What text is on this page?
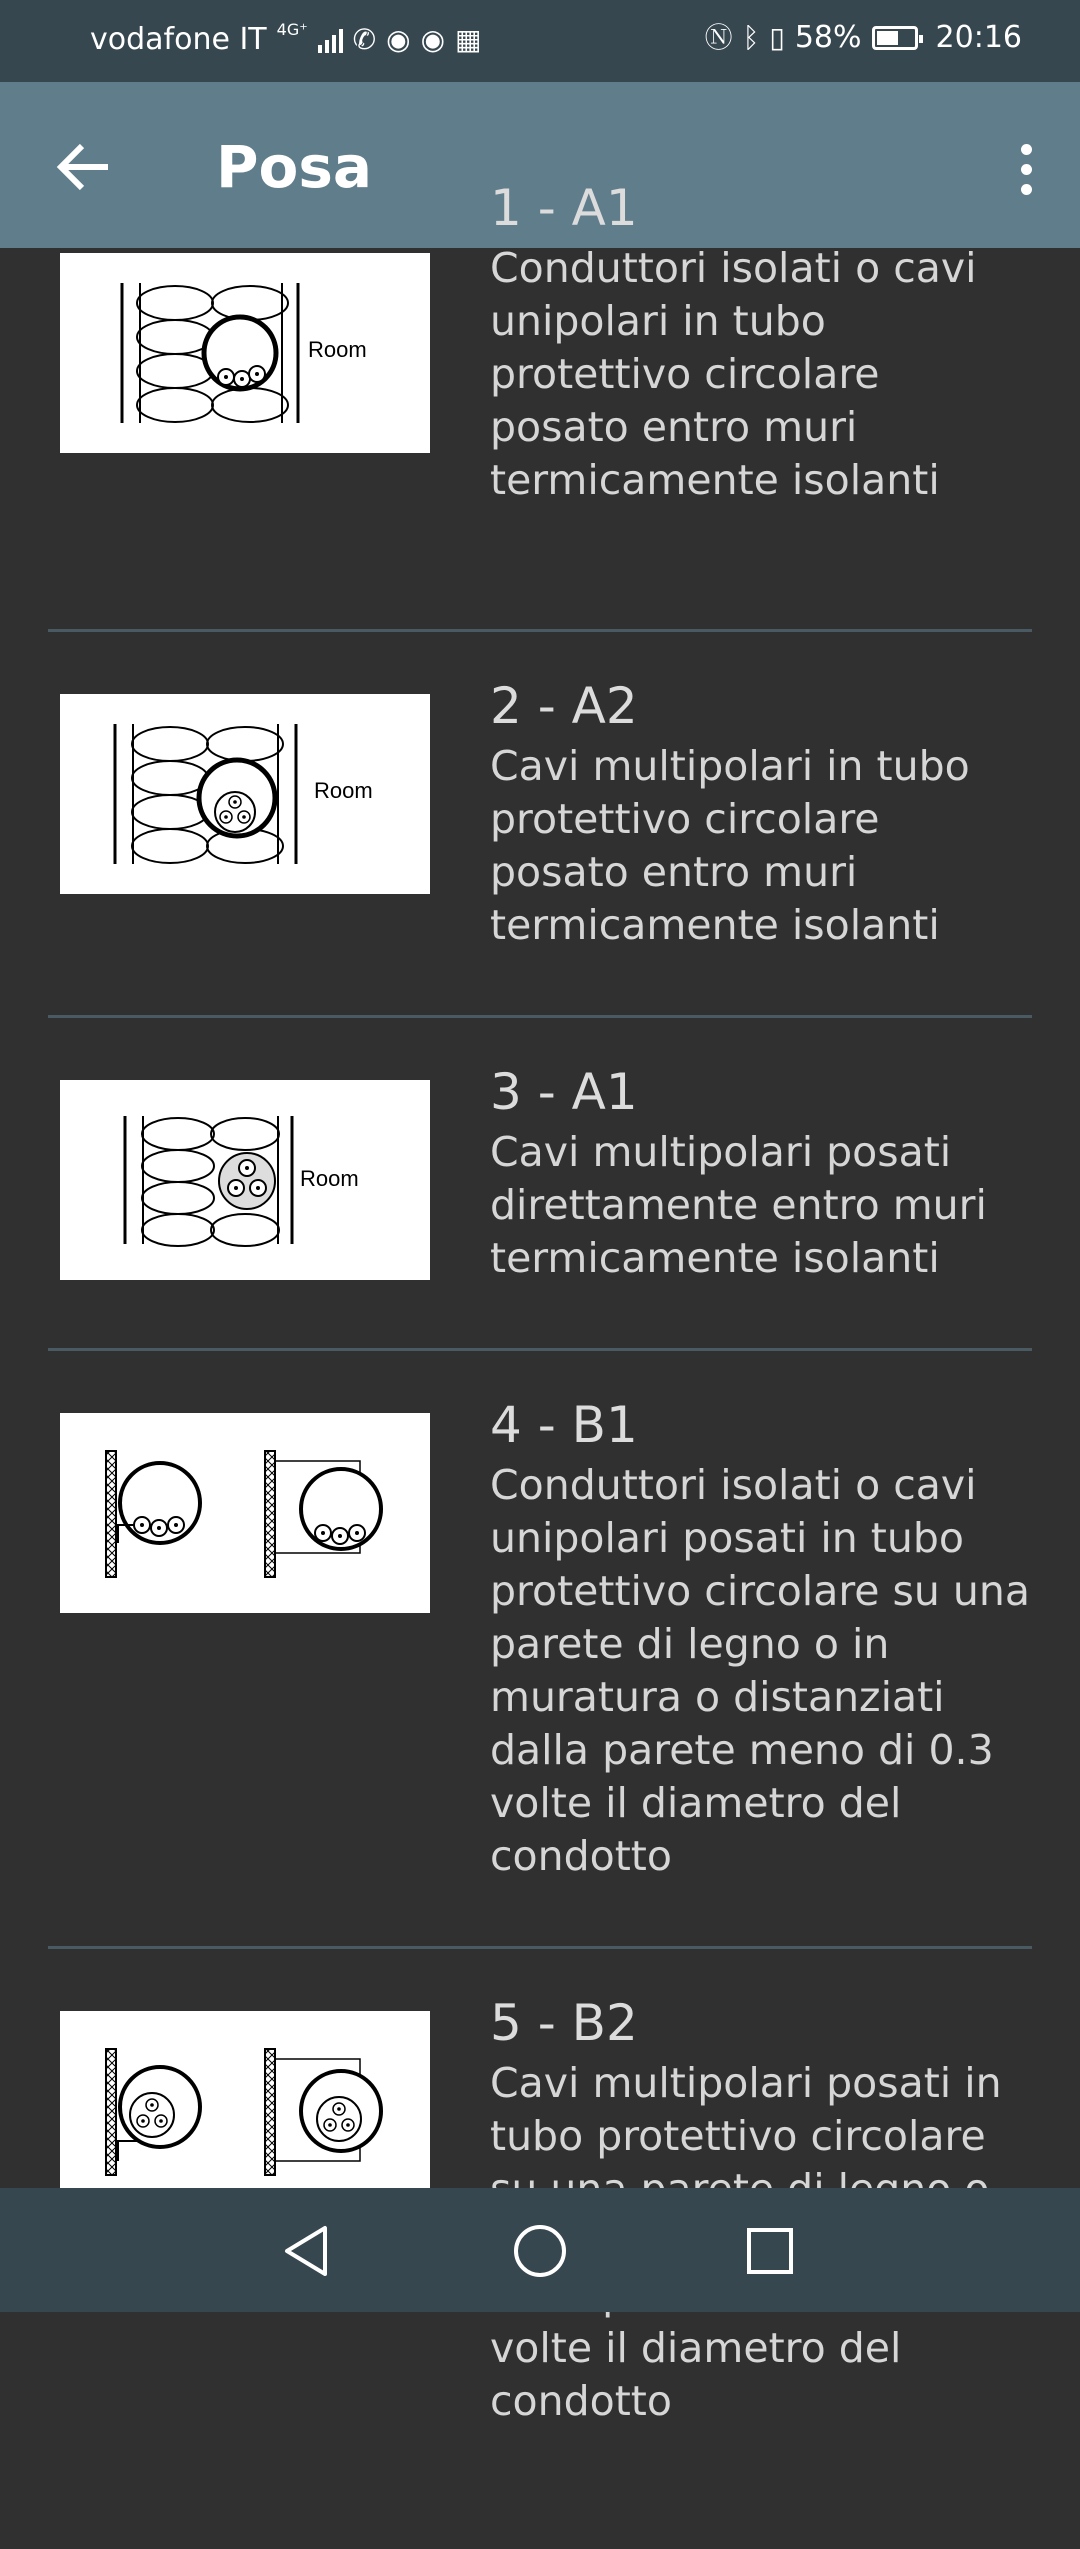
vodafone IT 4G⁺ ✆ ◉ ◉ ▦	Ⓝ ᛒ ▯ 58% 20:16
Posa
Room

1 - A1

Conduttori isolati o cavi unipolari in tubo protettivo circolare posato entro muri termicamente isolanti

Room

2 - A2

Cavi multipolari in tubo protettivo circolare posato entro muri termicamente isolanti

Room

3 - A1

Cavi multipolari posati direttamente entro muri termicamente isolanti

4 - B1

Conduttori isolati o cavi unipolari posati in tubo protettivo circolare su una parete di legno o in muratura o distanziati dalla parete meno di 0.3 volte il diametro del condotto

5 - B2

Cavi multipolari posati in tubo protettivo circolare volte il diametro del condotto
